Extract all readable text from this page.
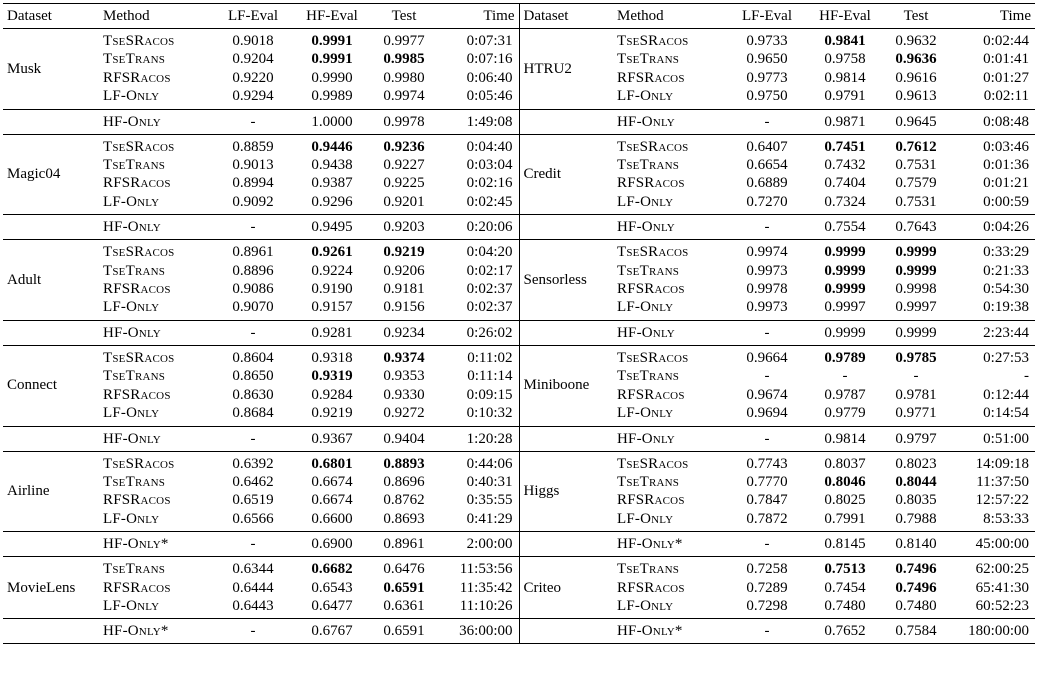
Dataset	Method	LF-Eval	HF-Eval	Test	Time	Dataset	Method	LF-Eval	HF-Eval	Test	Time
Musk	TseSRacos	0.9018	0.9991	0.9977	0:07:31	HTRU2	TseSRacos	0.9733	0.9841	0.9632	0:02:44
	TseTrans	0.9204	0.9991	0.9985	0:07:16		TseTrans	0.9650	0.9758	0.9636	0:01:41
	RFSRacos	0.9220	0.9990	0.9980	0:06:40		RFSRacos	0.9773	0.9814	0.9616	0:01:27
	LF-Only	0.9294	0.9989	0.9974	0:05:46		LF-Only	0.9750	0.9791	0.9613	0:02:11
	HF-Only	-	1.0000	0.9978	1:49:08		HF-Only	-	0.9871	0.9645	0:08:48
Magic04	TseSRacos	0.8859	0.9446	0.9236	0:04:40	Credit	TseSRacos	0.6407	0.7451	0.7612	0:03:46
	TseTrans	0.9013	0.9438	0.9227	0:03:04		TseTrans	0.6654	0.7432	0.7531	0:01:36
	RFSRacos	0.8994	0.9387	0.9225	0:02:16		RFSRacos	0.6889	0.7404	0.7579	0:01:21
	LF-Only	0.9092	0.9296	0.9201	0:02:45		LF-Only	0.7270	0.7324	0.7531	0:00:59
	HF-Only	-	0.9495	0.9203	0:20:06		HF-Only	-	0.7554	0.7643	0:04:26
Adult	TseSRacos	0.8961	0.9261	0.9219	0:04:20	Sensorless	TseSRacos	0.9974	0.9999	0.9999	0:33:29
	TseTrans	0.8896	0.9224	0.9206	0:02:17		TseTrans	0.9973	0.9999	0.9999	0:21:33
	RFSRacos	0.9086	0.9190	0.9181	0:02:37		RFSRacos	0.9978	0.9999	0.9998	0:54:30
	LF-Only	0.9070	0.9157	0.9156	0:02:37		LF-Only	0.9973	0.9997	0.9997	0:19:38
	HF-Only	-	0.9281	0.9234	0:26:02		HF-Only	-	0.9999	0.9999	2:23:44
Connect	TseSRacos	0.8604	0.9318	0.9374	0:11:02	Miniboone	TseSRacos	0.9664	0.9789	0.9785	0:27:53
	TseTrans	0.8650	0.9319	0.9353	0:11:14		TseTrans	-	-	-	-
	RFSRacos	0.8630	0.9284	0.9330	0:09:15		RFSRacos	0.9674	0.9787	0.9781	0:12:44
	LF-Only	0.8684	0.9219	0.9272	0:10:32		LF-Only	0.9694	0.9779	0.9771	0:14:54
	HF-Only	-	0.9367	0.9404	1:20:28		HF-Only	-	0.9814	0.9797	0:51:00
Airline	TseSRacos	0.6392	0.6801	0.8893	0:44:06	Higgs	TseSRacos	0.7743	0.8037	0.8023	14:09:18
	TseTrans	0.6462	0.6674	0.8696	0:40:31		TseTrans	0.7770	0.8046	0.8044	11:37:50
	RFSRacos	0.6519	0.6674	0.8762	0:35:55		RFSRacos	0.7847	0.8025	0.8035	12:57:22
	LF-Only	0.6566	0.6600	0.8693	0:41:29		LF-Only	0.7872	0.7991	0.7988	8:53:33
	HF-Only*	-	0.6900	0.8961	2:00:00		HF-Only*	-	0.8145	0.8140	45:00:00
MovieLens	TseTrans	0.6344	0.6682	0.6476	11:53:56	Criteo	TseTrans	0.7258	0.7513	0.7496	62:00:25
	RFSRacos	0.6444	0.6543	0.6591	11:35:42		RFSRacos	0.7289	0.7454	0.7496	65:41:30
	LF-Only	0.6443	0.6477	0.6361	11:10:26		LF-Only	0.7298	0.7480	0.7480	60:52:23
	HF-Only*	-	0.6767	0.6591	36:00:00		HF-Only*	-	0.7652	0.7584	180:00:00
